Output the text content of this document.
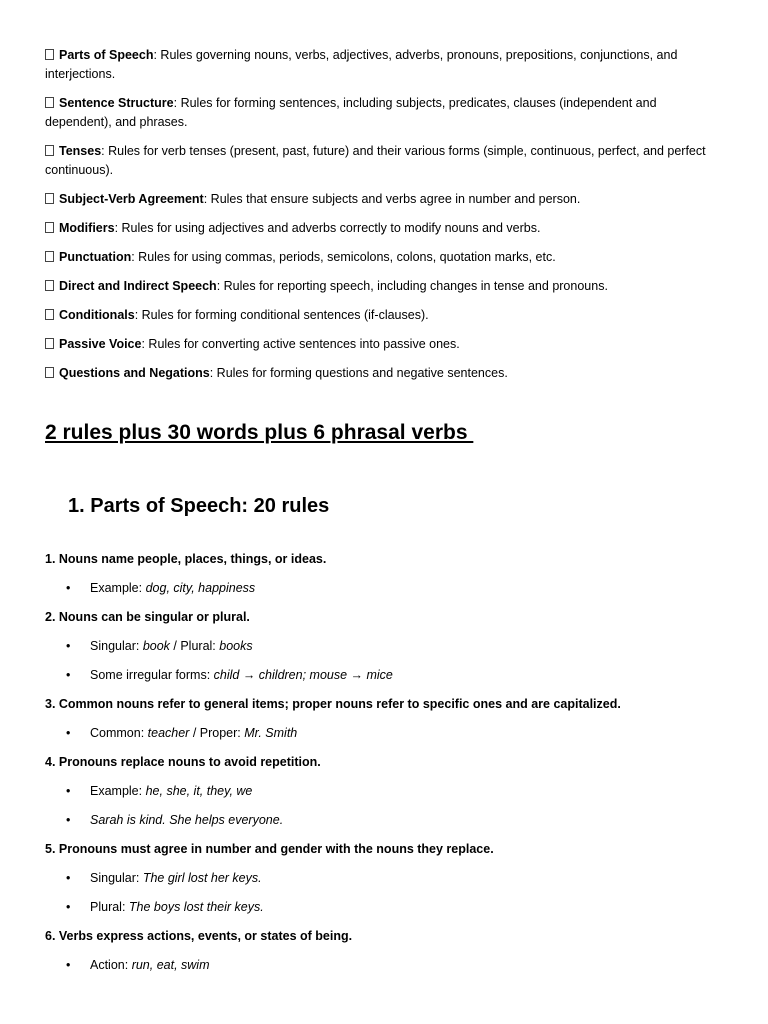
Parts of Speech: Rules governing nouns, verbs, adjectives, adverbs, pronouns, prepositions, conjunctions, and interjections.

Sentence Structure: Rules for forming sentences, including subjects, predicates, clauses (independent and dependent), and phrases.

Tenses: Rules for verb tenses (present, past, future) and their various forms (simple, continuous, perfect, and perfect continuous).

Subject-Verb Agreement: Rules that ensure subjects and verbs agree in number and person.

Modifiers: Rules for using adjectives and adverbs correctly to modify nouns and verbs.

Punctuation: Rules for using commas, periods, semicolons, colons, quotation marks, etc.

Direct and Indirect Speech: Rules for reporting speech, including changes in tense and pronouns.

Conditionals: Rules for forming conditional sentences (if-clauses).

Passive Voice: Rules for converting active sentences into passive ones.

Questions and Negations: Rules for forming questions and negative sentences.

2 rules plus 30 words plus 6 phrasal verbs
1. Parts of Speech: 20 rules

1. Nouns name people, places, things, or ideas.

• Example: dog, city, happiness

2. Nouns can be singular or plural.

• Singular: book / Plural: books

• Some irregular forms: child → children; mouse → mice

3. Common nouns refer to general items; proper nouns refer to specific ones and are capitalized.

• Common: teacher / Proper: Mr. Smith

4. Pronouns replace nouns to avoid repetition.

• Example: he, she, it, they, we

• Sarah is kind. She helps everyone.

5. Pronouns must agree in number and gender with the nouns they replace.

• Singular: The girl lost her keys.

• Plural: The boys lost their keys.

6. Verbs express actions, events, or states of being.

• Action: run, eat, swim
